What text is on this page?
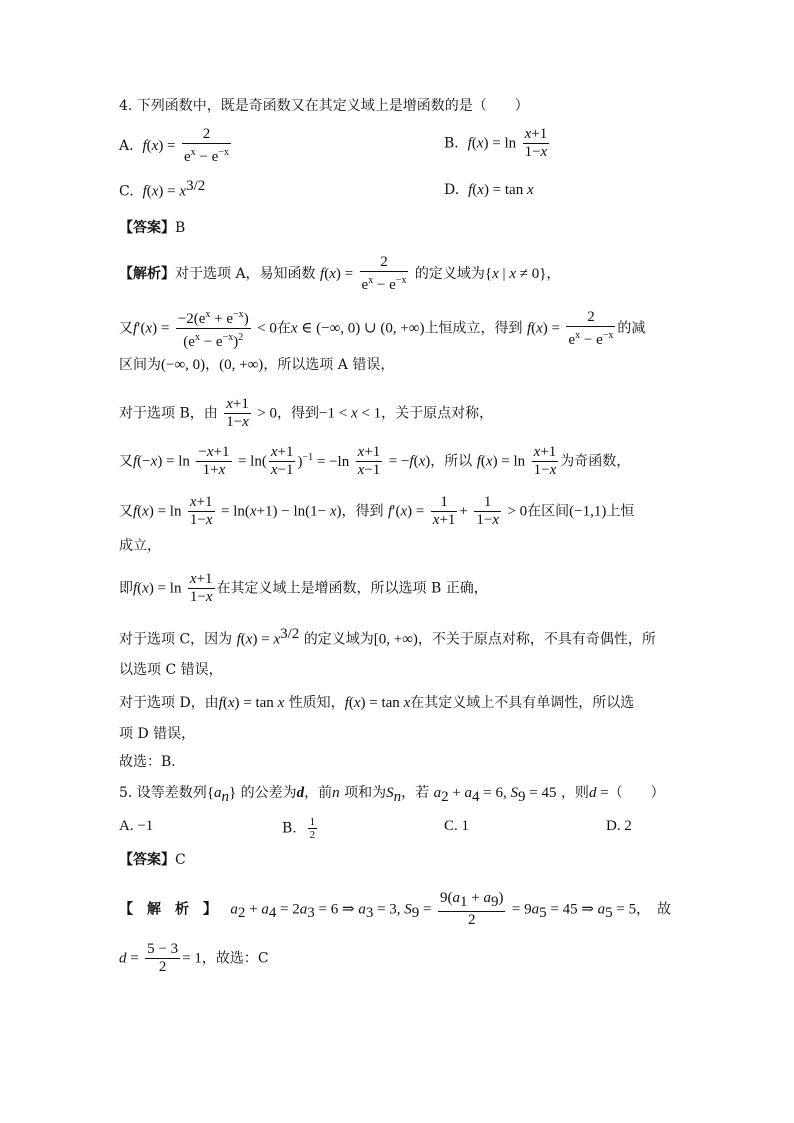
4. 下列函数中，既是奇函数又在其定义域上是增函数的是（　　）
A. $f(x) = \frac{2}{e^x - e^{-x}}$	B. $f(x) = \ln \frac{x+1}{1-x}$
C. $f(x) = x^{3/2}$	D. f(x) = tan x
【答案】B
【解析】对于选项 A，易知函数 $f(x) = \frac{2}{e^x - e^{-x}}$ 的定义域为{x | x ≠ 0}，
又$f'(x) = \frac{-2(e^x + e^{-x})}{(e^x - e^{-x})^2} < 0$在x ∈ (−∞, 0) ∪ (0, +∞)上恒成立，得到 $f(x) = \frac{2}{e^x - e^{-x}}$ 的减
区间为(−∞, 0)，(0, +∞)，所以选项 A 错误，
对于选项 B，由 $\frac{x+1}{1-x} > 0$，得到−1 < x < 1，关于原点对称，
又$f(-x) = \ln \frac{-x+1}{1+x} = \ln( \frac{x+1}{x-1} )^{-1} = -\ln \frac{x+1}{x-1} = -f(x)$，所以 $f(x) = \ln \frac{x+1}{1-x}$ 为奇函数，
又$f(x) = \ln \frac{x+1}{1-x} = \ln(x+1) - \ln(1- x)$，得到 $f'(x) = \frac{1}{x+1} + \frac{1}{1-x} > 0$在区间(−1,1)上恒
成立，
即$f(x) = \ln \frac{x+1}{1-x}$ 在其定义域上是增函数，所以选项 B 正确，
对于选项 C，因为 $f(x) = x^{3/2}$ 的定义域为[0, +∞)，不关于原点对称，不具有奇偶性，所
以选项 C 错误，
对于选项 D，由f(x) = tan x 性质知，f(x) = tan x在其定义域上不具有单调性，所以选
项 D 错误，
故选：B.
5. 设等差数列$\{a_n\}$ 的公差为d，前n 项和为$S_n$，若 $a_2 + a_4 = 6$, $S_9 = 45$ ，则d =（　　）
A. −1	B. $\frac{1}{2}$	C. 1	D. 2
【答案】C
【　解　析　】 $a_2 + a_4 = 2a_3 = 6$ ⇒ $a_3 = 3$, $S_9 = \frac{9(a_1 + a_9)}{2} = 9a_5 = 45$ ⇒ $a_5 = 5$，　故
$d = \frac{5 - 3}{2} = 1$，故选：C
